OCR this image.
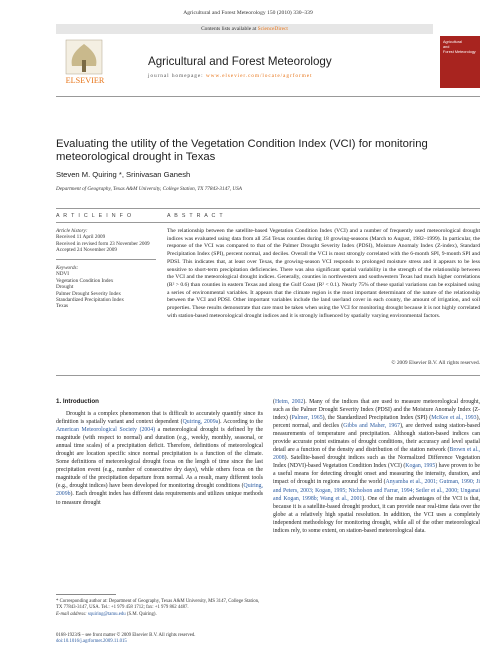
Agricultural and Forest Meteorology 150 (2010) 330–339
Contents lists available at ScienceDirect
ELSEVIER
Agricultural and Forest Meteorology
journal homepage: www.elsevier.com/locate/agrformet
Agricultural
and
Forest Meteorology
Evaluating the utility of the Vegetation Condition Index (VCI) for monitoring
meteorological drought in Texas
Steven M. Quiring *, Srinivasan Ganesh
Department of Geography, Texas A&M University, College Station, TX 77843-3147, USA
A R T I C L E I N F O	A B S T R A C T
Article history:
Received 11 April 2009
Received in revised form 23 November 2009
Accepted 24 November 2009
Keywords:
NDVI
Vegetation Condition Index
Drought
Palmer Drought Severity Index
Standardized Precipitation Index
Texas
The relationship between the satellite-based Vegetation Condition Index (VCI) and a number of frequently used meteorological drought indices was evaluated using data from all 254 Texas counties during 18 growing-seasons (March to August, 1982–1999). In particular, the response of the VCI was compared to that of the Palmer Drought Severity Index (PDSI), Moisture Anomaly Index (Z-index), Standard Precipitation Index (SPI), percent normal, and deciles. Overall the VCI is most strongly correlated with the 6-month SPI, 9-month SPI and PDSI. This indicates that, at least over Texas, the growing-season VCI responds to prolonged moisture stress and it appears to be less sensitive to short-term precipitation deficiencies. There was also significant spatial variability in the strength of the relationship between the VCI and the meteorological drought indices. Generally, counties in northwestern and southwestern Texas had much higher correlations (R² > 0.6) than counties in eastern Texas and along the Gulf Coast (R² < 0.1). Nearly 75% of these spatial variations can be explained using a series of environmental variables. It appears that the climate region is the most important determinant of the nature of the relationship between the VCI and PDSI. Other important variables include the land use/land cover in each county, the amount of irrigation, and soil properties. These results demonstrate that care must be taken when using the VCI for monitoring drought because it is not highly correlated with station-based meteorological drought indices and it is strongly influenced by spatially varying environmental factors.
© 2009 Elsevier B.V. All rights reserved.
1. Introduction
Drought is a complex phenomenon that is difficult to accurately quantify since its definition is spatially variant and context dependent (Quiring, 2009a). According to the American Meteorological Society (2004) a meteorological drought is defined by the magnitude (with respect to normal) and duration (e.g., weekly, monthly, seasonal, or annual time scales) of a precipitation deficit. Therefore, definitions of meteorological drought are location specific since normal precipitation is a function of the climate. Some definitions of meteorological drought focus on the length of time since the last precipitation event (e.g., number of consecutive dry days), while others focus on the magnitude of the precipitation departure from normal. As a result, many different tools (e.g., drought indices) have been developed for monitoring drought conditions (Quiring, 2009b). Each drought index has different data requirements and utilizes unique methods to measure drought
(Heim, 2002). Many of the indices that are used to measure meteorological drought, such as the Palmer Drought Severity Index (PDSI) and the Moisture Anomaly Index (Z-index) (Palmer, 1965), the Standardized Precipitation Index (SPI) (McKee et al., 1993), percent normal, and deciles (Gibbs and Maher, 1967), are derived using station-based measurements of temperature and precipitation. Although station-based indices can provide accurate point estimates of drought conditions, their accuracy and level spatial detail are a function of the density and distribution of the station network (Brown et al., 2008). Satellite-based drought indices such as the Normalized Difference Vegetation Index (NDVI)-based Vegetation Condition Index (VCI) (Kogan, 1995) have proven to be a useful means for detecting drought onset and measuring the intensity, duration, and impact of drought in regions around the world (Anyamba et al., 2001; Gutman, 1990; Ji and Peters, 2003; Kogan, 1995; Nicholson and Farrar, 1994; Seiler et al., 2000; Unganai and Kogan, 1998b; Wang et al., 2001). One of the main advantages of the VCI is that, because it is a satellite-based drought product, it can provide near real-time data over the globe at a relatively high spatial resolution. In addition, the VCI uses a completely independent methodology for monitoring drought, while all of the other meteorological indices rely, to some extent, on station-based meteorological data.
* Corresponding author at: Department of Geography, Texas A&M University, MS 3147, College Station, TX 77843-3147, USA. Tel.: +1 979 458 1712; fax: +1 979 862 4487.
E-mail address: squiring@tamu.edu (S.M. Quiring).
0168-1923/$ – see front matter © 2009 Elsevier B.V. All rights reserved.
doi:10.1016/j.agrformet.2009.11.015
